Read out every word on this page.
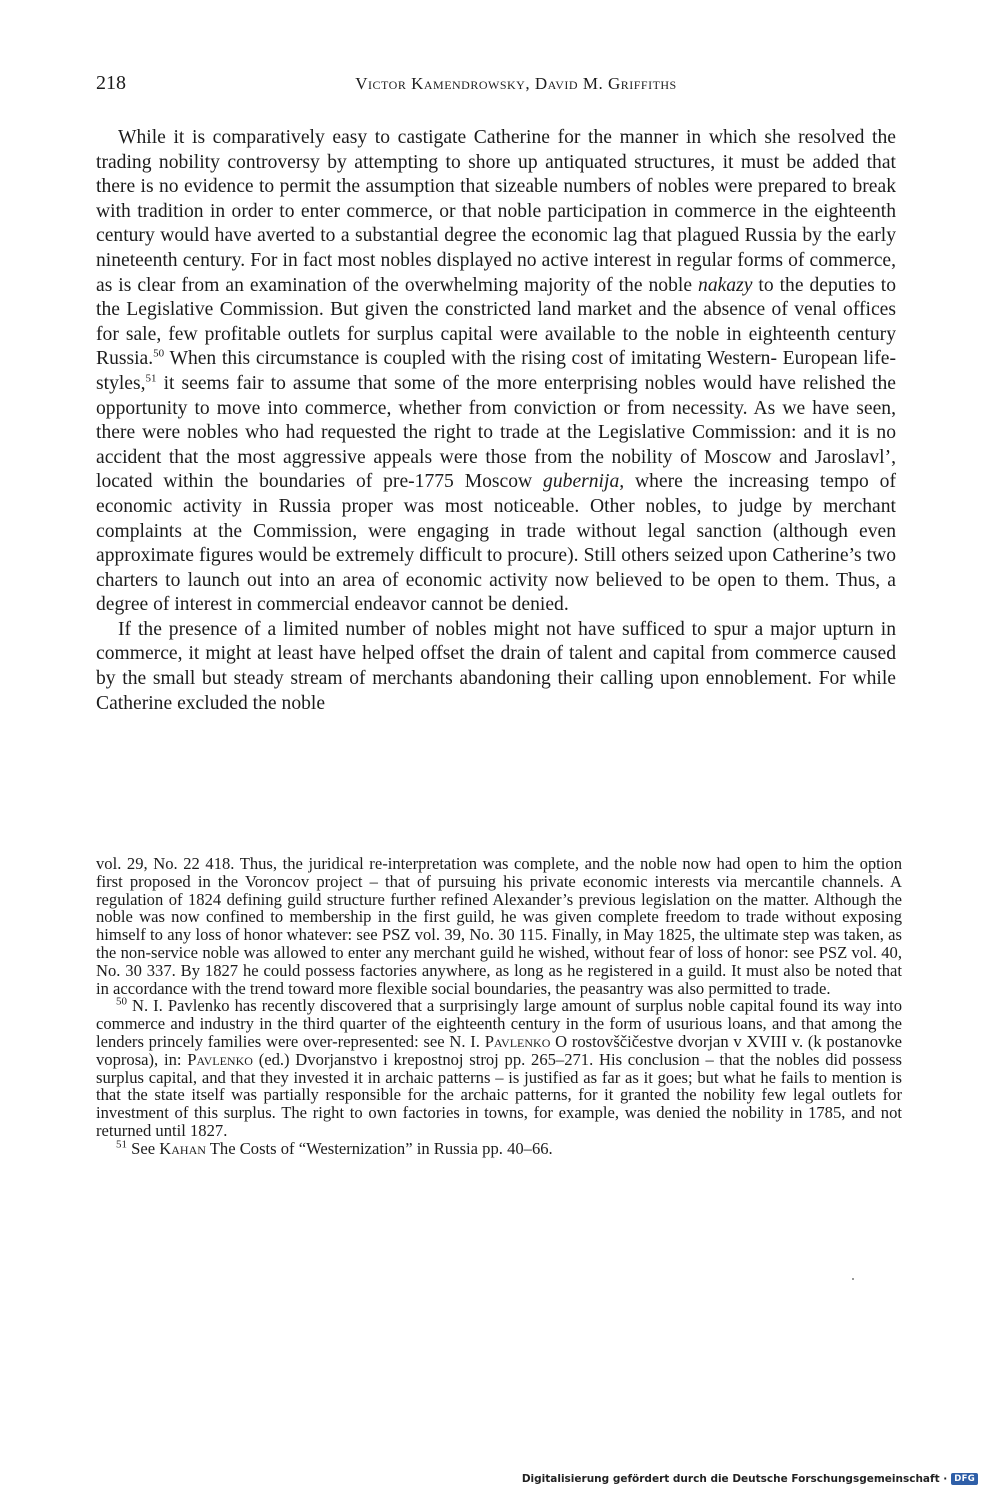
218	Victor Kamendrowsky, David M. Griffiths

While it is comparatively easy to castigate Catherine for the manner in which she resolved the trading nobility controversy by attempting to shore up antiquated structures, it must be added that there is no evidence to permit the assumption that sizeable numbers of nobles were prepared to break with tradition in order to enter commerce, or that noble participation in commerce in the eighteenth century would have averted to a substantial degree the economic lag that plagued Russia by the early nineteenth century. For in fact most nobles displayed no active interest in regular forms of commerce, as is clear from an examination of the overwhelming majority of the noble nakazy to the deputies to the Legislative Commission. But given the constricted land market and the absence of venal offices for sale, few profitable outlets for surplus capital were available to the noble in eighteenth century Russia.$^{50}$ When this circumstance is coupled with the rising cost of imitating Western- European life-styles,$^{51}$ it seems fair to assume that some of the more enterprising nobles would have relished the opportunity to move into commerce, whether from conviction or from necessity. As we have seen, there were nobles who had requested the right to trade at the Legislative Commission: and it is no accident that the most aggressive appeals were those from the nobility of Moscow and Jaroslavl’, located within the boundaries of pre-1775 Moscow gubernija, where the increasing tempo of economic activity in Russia proper was most noticeable. Other nobles, to judge by merchant complaints at the Commission, were engaging in trade without legal sanction (although even approximate figures would be extremely difficult to procure). Still others seized upon Catherine’s two charters to launch out into an area of economic activity now believed to be open to them. Thus, a degree of interest in commercial endeavor cannot be denied.

If the presence of a limited number of nobles might not have sufficed to spur a major upturn in commerce, it might at least have helped offset the drain of talent and capital from commerce caused by the small but steady stream of merchants abandoning their calling upon ennoblement. For while Catherine excluded the noble

vol. 29, No. 22 418. Thus, the juridical re-interpretation was complete, and the noble now had open to him the option first proposed in the Voroncov project – that of pursuing his private economic interests via mercantile channels. A regulation of 1824 defining guild structure further refined Alexander’s previous legislation on the matter. Although the noble was now confined to membership in the first guild, he was given complete freedom to trade without exposing himself to any loss of honor whatever: see PSZ vol. 39, No. 30 115. Finally, in May 1825, the ultimate step was taken, as the non-service noble was allowed to enter any merchant guild he wished, without fear of loss of honor: see PSZ vol. 40, No. 30 337. By 1827 he could possess factories anywhere, as long as he registered in a guild. It must also be noted that in accordance with the trend toward more flexible social boundaries, the peasantry was also permitted to trade.

$^{50}$ N. I. Pavlenko has recently discovered that a surprisingly large amount of surplus noble capital found its way into commerce and industry in the third quarter of the eighteenth century in the form of usurious loans, and that among the lenders princely families were over-represented: see N. I. Pavlenko O rostovščičestve dvorjan v XVIII v. (k postanovke voprosa), in: Pavlenko (ed.) Dvorjanstvo i krepostnoj stroj pp. 265–271. His conclusion – that the nobles did possess surplus capital, and that they invested it in archaic patterns – is justified as far as it goes; but what he fails to mention is that the state itself was partially responsible for the archaic patterns, for it granted the nobility few legal outlets for investment of this surplus. The right to own factories in towns, for example, was denied the nobility in 1785, and not returned until 1827.

$^{51}$ See Kahan The Costs of “Westernization” in Russia pp. 40–66.

Digitalisierung gefördert durch die Deutsche Forschungsgemeinschaft · DFG
